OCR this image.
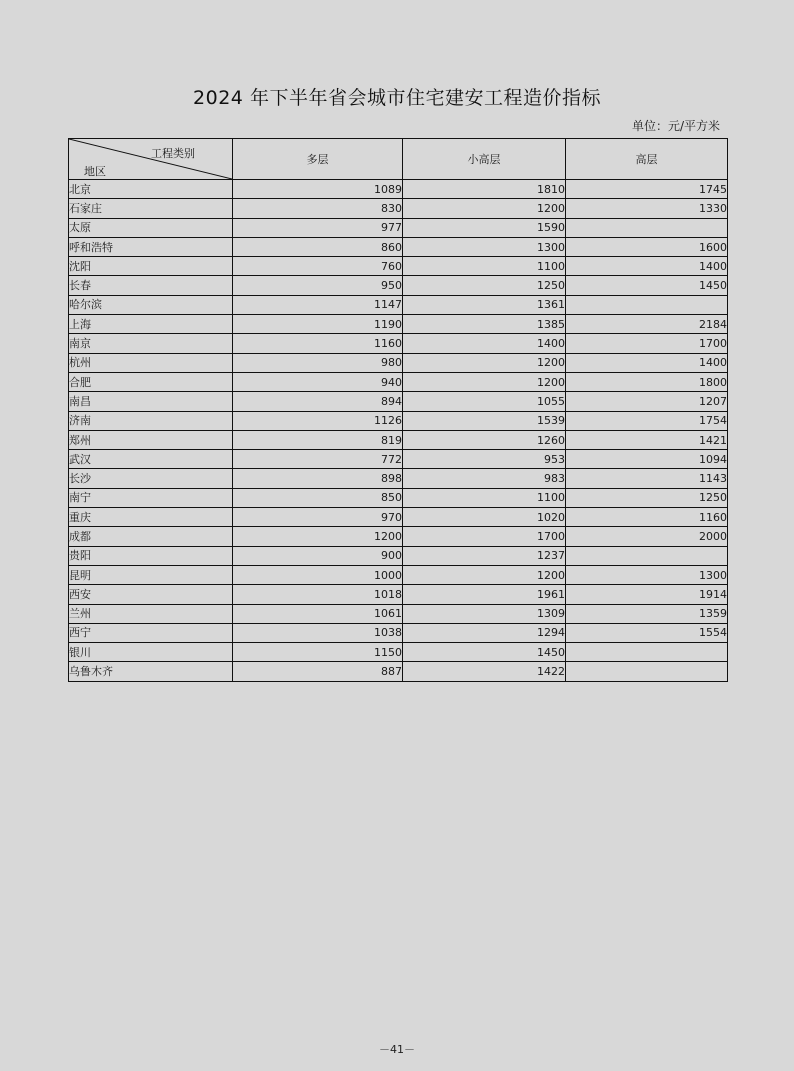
2024 年下半年省会城市住宅建安工程造价指标
单位：元/平方米
工程类别
地区	多层	小高层	高层
北京	1089	1810	1745
石家庄	830	1200	1330
太原	977	1590	
呼和浩特	860	1300	1600
沈阳	760	1100	1400
长春	950	1250	1450
哈尔滨	1147	1361	
上海	1190	1385	2184
南京	1160	1400	1700
杭州	980	1200	1400
合肥	940	1200	1800
南昌	894	1055	1207
济南	1126	1539	1754
郑州	819	1260	1421
武汉	772	953	1094
长沙	898	983	1143
南宁	850	1100	1250
重庆	970	1020	1160
成都	1200	1700	2000
贵阳	900	1237	
昆明	1000	1200	1300
西安	1018	1961	1914
兰州	1061	1309	1359
西宁	1038	1294	1554
银川	1150	1450	
乌鲁木齐	887	1422	
－41－
